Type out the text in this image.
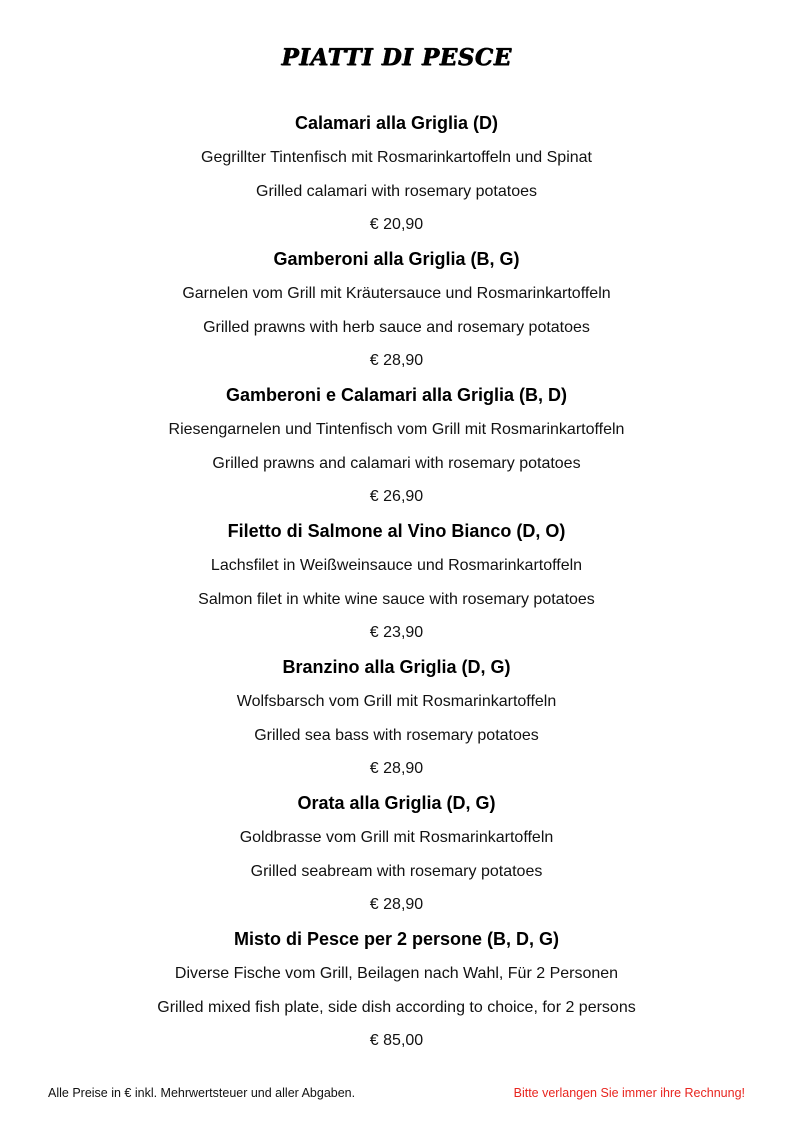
PIATTI DI PESCE
Calamari alla Griglia (D)
Gegrillter Tintenfisch mit Rosmarinkartoffeln und Spinat
Grilled calamari with rosemary potatoes
€ 20,90
Gamberoni alla Griglia (B, G)
Garnelen vom Grill mit Kräutersauce und Rosmarinkartoffeln
Grilled prawns with herb sauce and rosemary potatoes
€ 28,90
Gamberoni e Calamari alla Griglia (B, D)
Riesengarnelen und Tintenfisch vom Grill mit Rosmarinkartoffeln
Grilled prawns and calamari with rosemary potatoes
€ 26,90
Filetto di Salmone al Vino Bianco (D, O)
Lachsfilet in Weißweinsauce und Rosmarinkartoffeln
Salmon filet in white wine sauce with rosemary potatoes
€ 23,90
Branzino alla Griglia (D, G)
Wolfsbarsch vom Grill mit Rosmarinkartoffeln
Grilled sea bass with rosemary potatoes
€ 28,90
Orata alla Griglia (D, G)
Goldbrasse vom Grill mit Rosmarinkartoffeln
Grilled seabream with rosemary potatoes
€ 28,90
Misto di Pesce per 2 persone (B, D, G)
Diverse Fische vom Grill, Beilagen nach Wahl, Für 2 Personen
Grilled mixed fish plate, side dish according to choice, for 2 persons
€ 85,00
Alle Preise in € inkl. Mehrwertsteuer und aller Abgaben.	Bitte verlangen Sie immer ihre Rechnung!
